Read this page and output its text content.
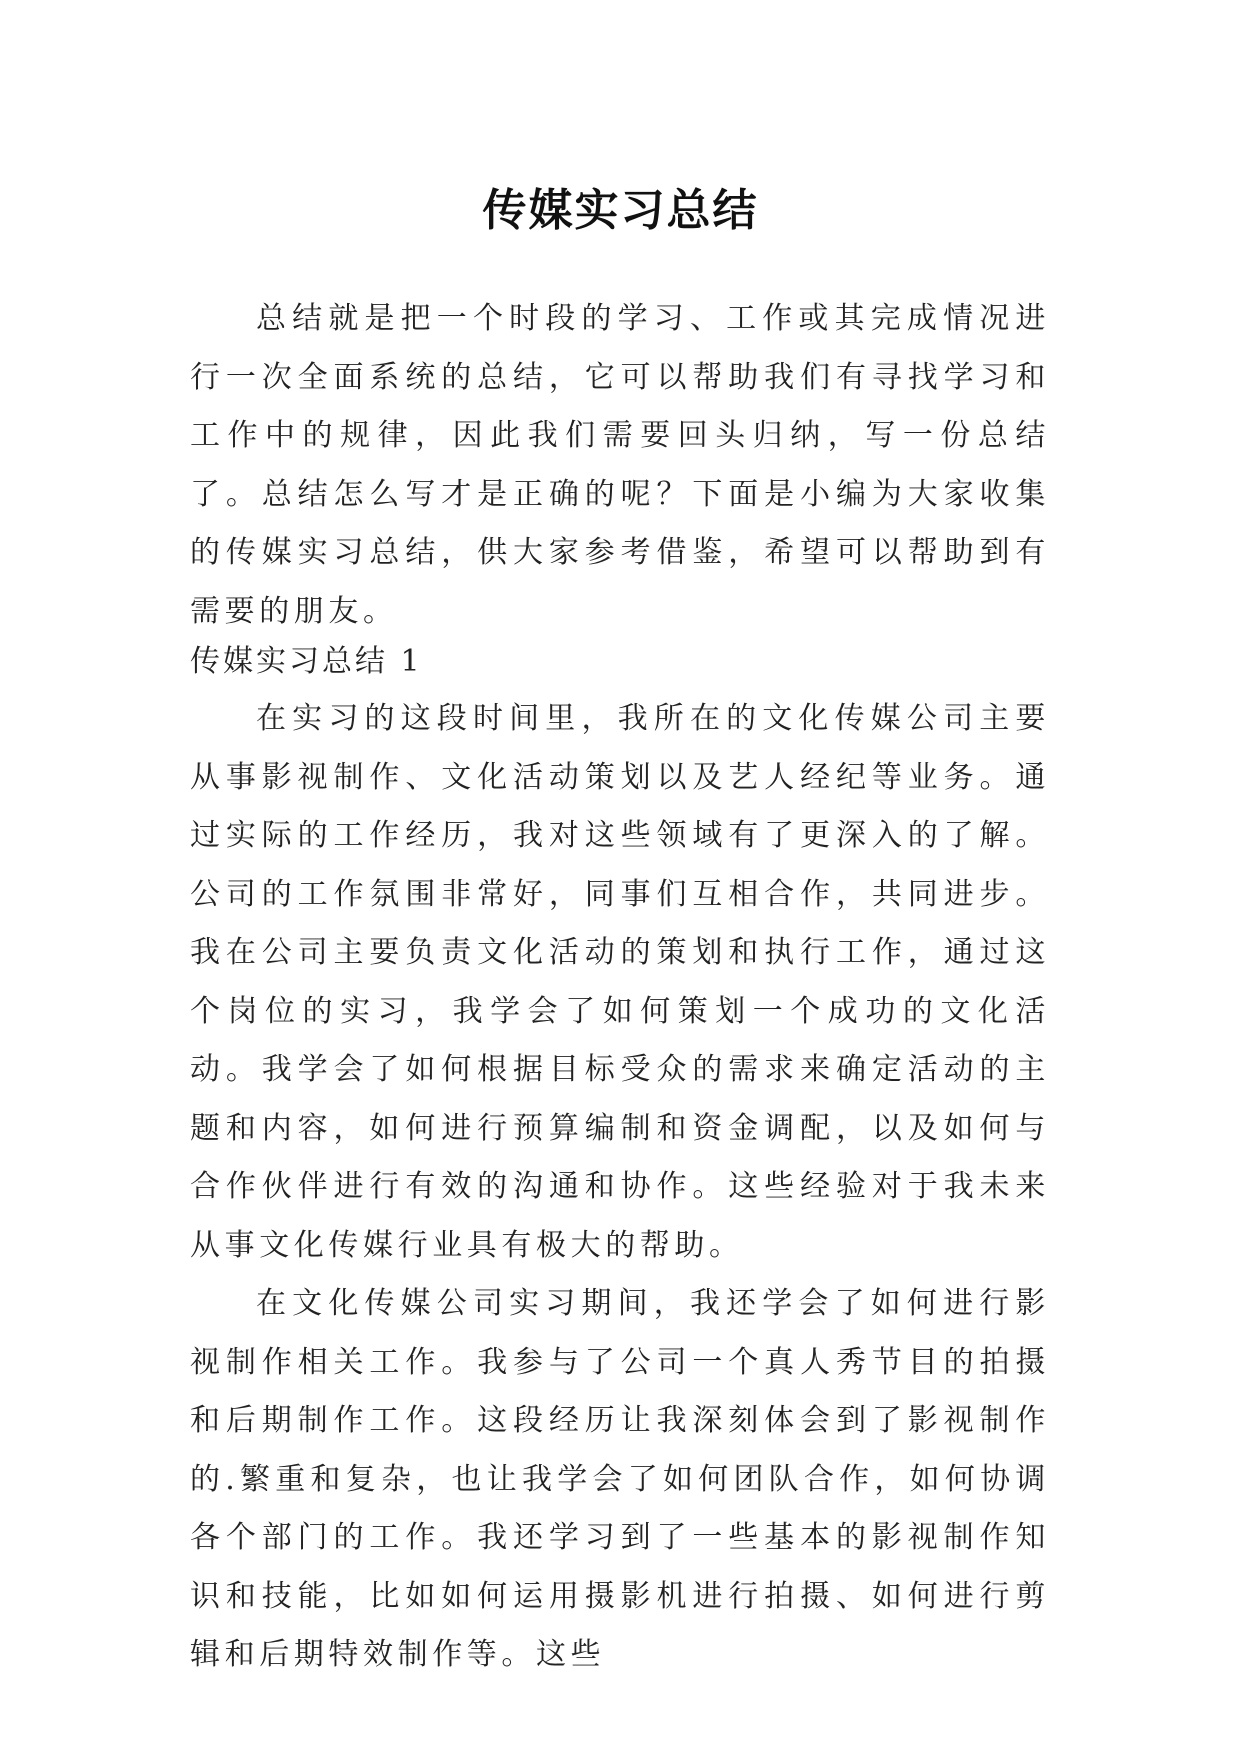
传媒实习总结

总结就是把一个时段的学习、工作或其完成情况进行一次全面系统的总结，它可以帮助我们有寻找学习和工作中的规律，因此我们需要回头归纳，写一份总结了。总结怎么写才是正确的呢？下面是小编为大家收集的传媒实习总结，供大家参考借鉴，希望可以帮助到有需要的朋友。

传媒实习总结 1

在实习的这段时间里，我所在的文化传媒公司主要从事影视制作、文化活动策划以及艺人经纪等业务。通过实际的工作经历，我对这些领域有了更深入的了解。公司的工作氛围非常好，同事们互相合作，共同进步。我在公司主要负责文化活动的策划和执行工作，通过这个岗位的实习，我学会了如何策划一个成功的文化活动。我学会了如何根据目标受众的需求来确定活动的主题和内容，如何进行预算编制和资金调配，以及如何与合作伙伴进行有效的沟通和协作。这些经验对于我未来从事文化传媒行业具有极大的帮助。

在文化传媒公司实习期间，我还学会了如何进行影视制作相关工作。我参与了公司一个真人秀节目的拍摄和后期制作工作。这段经历让我深刻体会到了影视制作的.繁重和复杂，也让我学会了如何团队合作，如何协调各个部门的工作。我还学习到了一些基本的影视制作知识和技能，比如如何运用摄影机进行拍摄、如何进行剪辑和后期特效制作等。这些
